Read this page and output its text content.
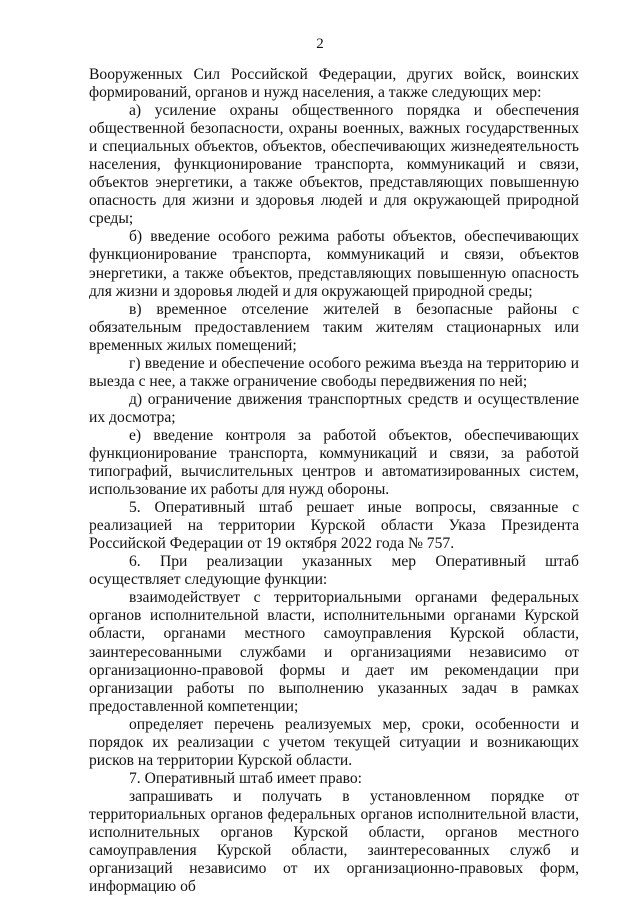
2

Вооруженных Сил Российской Федерации, других войск, воинских формирований, органов и нужд населения, а также следующих мер:

а) усиление охраны общественного порядка и обеспечения общественной безопасности, охраны военных, важных государственных и специальных объектов, объектов, обеспечивающих жизнедеятельность населения, функционирование транспорта, коммуникаций и связи, объектов энергетики, а также объектов, представляющих повышенную опасность для жизни и здоровья людей и для окружающей природной среды;

б) введение особого режима работы объектов, обеспечивающих функционирование транспорта, коммуникаций и связи, объектов энергетики, а также объектов, представляющих повышенную опасность для жизни и здоровья людей и для окружающей природной среды;

в) временное отселение жителей в безопасные районы с обязательным предоставлением таким жителям стационарных или временных жилых помещений;

г) введение и обеспечение особого режима въезда на территорию и выезда с нее, а также ограничение свободы передвижения по ней;

д) ограничение движения транспортных средств и осуществление их досмотра;

е) введение контроля за работой объектов, обеспечивающих функционирование транспорта, коммуникаций и связи, за работой типографий, вычислительных центров и автоматизированных систем, использование их работы для нужд обороны.

5. Оперативный штаб решает иные вопросы, связанные с реализацией на территории Курской области Указа Президента Российской Федерации от 19 октября 2022 года № 757.

6. При реализации указанных мер Оперативный штаб осуществляет следующие функции:

взаимодействует с территориальными органами федеральных органов исполнительной власти, исполнительными органами Курской области, органами местного самоуправления Курской области, заинтересованными службами и организациями независимо от организационно-правовой формы и дает им рекомендации при организации работы по выполнению указанных задач в рамках предоставленной компетенции;

определяет перечень реализуемых мер, сроки, особенности и порядок их реализации с учетом текущей ситуации и возникающих рисков на территории Курской области.

7. Оперативный штаб имеет право:

запрашивать и получать в установленном порядке от территориальных органов федеральных органов исполнительной власти, исполнительных органов Курской области, органов местного самоуправления Курской области, заинтересованных служб и организаций независимо от их организационно-правовых форм, информацию об
